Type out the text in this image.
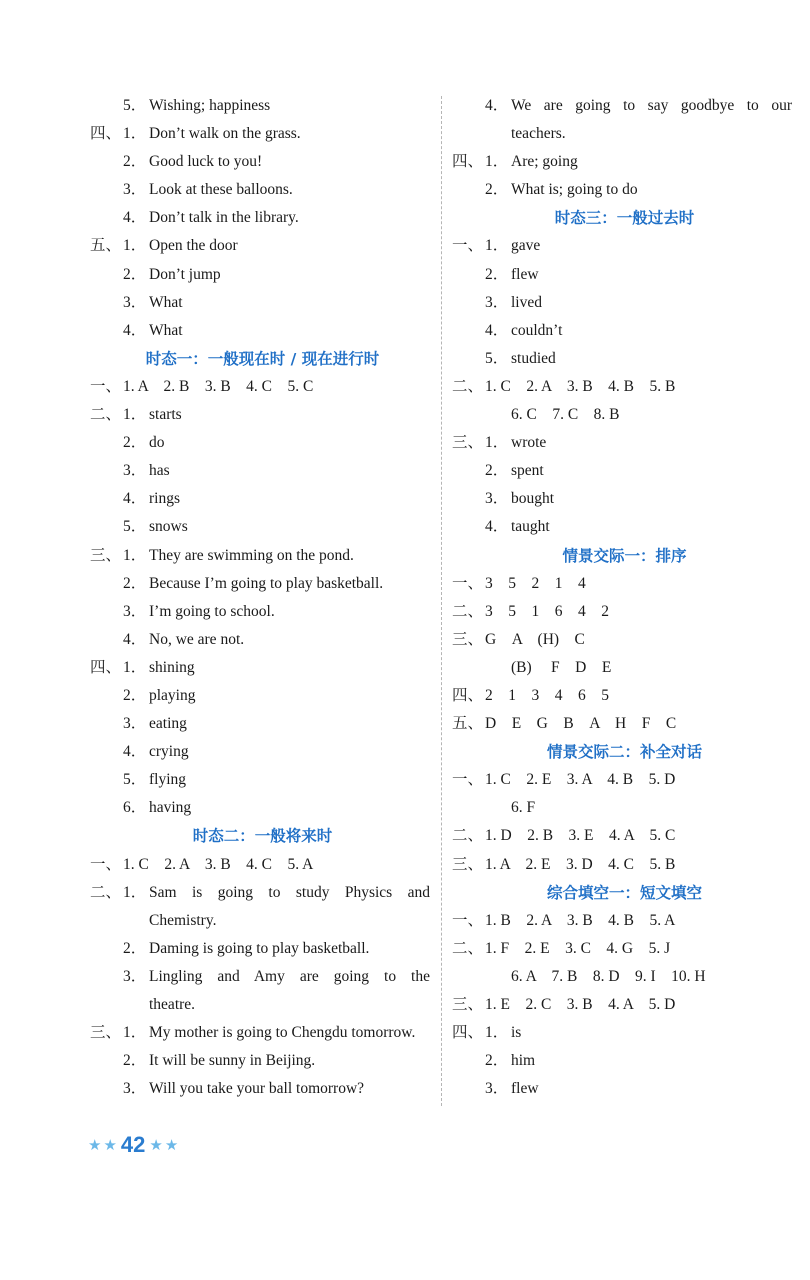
5． Wishing; happiness
四、 1． Don’t walk on the grass.
2． Good luck to you!
3． Look at these balloons.
4． Don’t talk in the library.
五、 1． Open the door
2． Don’t jump
3． What
4． What
时态一：一般现在时 / 现在进行时
一、 1. A　2. B　3. B　4. C　5. C
二、 1． starts
2． do
3． has
4． rings
5． snows
三、 1． They are swimming on the pond.
2． Because I’m going to play basketball.
3． I’m going to school.
4． No, we are not.
四、 1． shining
2． playing
3． eating
4． crying
5． flying
6． having
时态二：一般将来时
一、 1. C　2. A　3. B　4. C　5. A
二、 1． Sam is going to study Physics and
Chemistry.
2． Daming is going to play basketball.
3． Lingling and Amy are going to the
theatre.
三、 1． My mother is going to Chengdu tomorrow.
2． It will be sunny in Beijing.
3． Will you take your ball tomorrow?
4． We are going to say goodbye to our
teachers.
四、 1． Are; going
2． What is; going to do
时态三：一般过去时
一、 1． gave
2． flew
3． lived
4． couldn’t
5． studied
二、 1. C　2. A　3. B　4. B　5. B
6. C　7. C　8. B
三、 1． wrote
2． spent
3． bought
4． taught
情景交际一：排序
一、 3　5　2　1　4
二、 3　5　1　6　4　2
三、 G　A　(H)　C
(B)　 F　D　E
四、 2　1　3　4　6　5
五、 D　E　G　B　A　H　F　C
情景交际二：补全对话
一、 1. C　2. E　3. A　4. B　5. D
6. F
二、 1. D　2. B　3. E　4. A　5. C
三、 1. A　2. E　3. D　4. C　5. B
综合填空一：短文填空
一、 1. B　2. A　3. B　4. B　5. A
二、 1. F　2. E　3. C　4. G　5. J
6. A　7. B　8. D　9. I　10. H
三、 1. E　2. C　3. B　4. A　5. D
四、 1． is
2． him
3． flew
★ ★ 42 ★ ★
